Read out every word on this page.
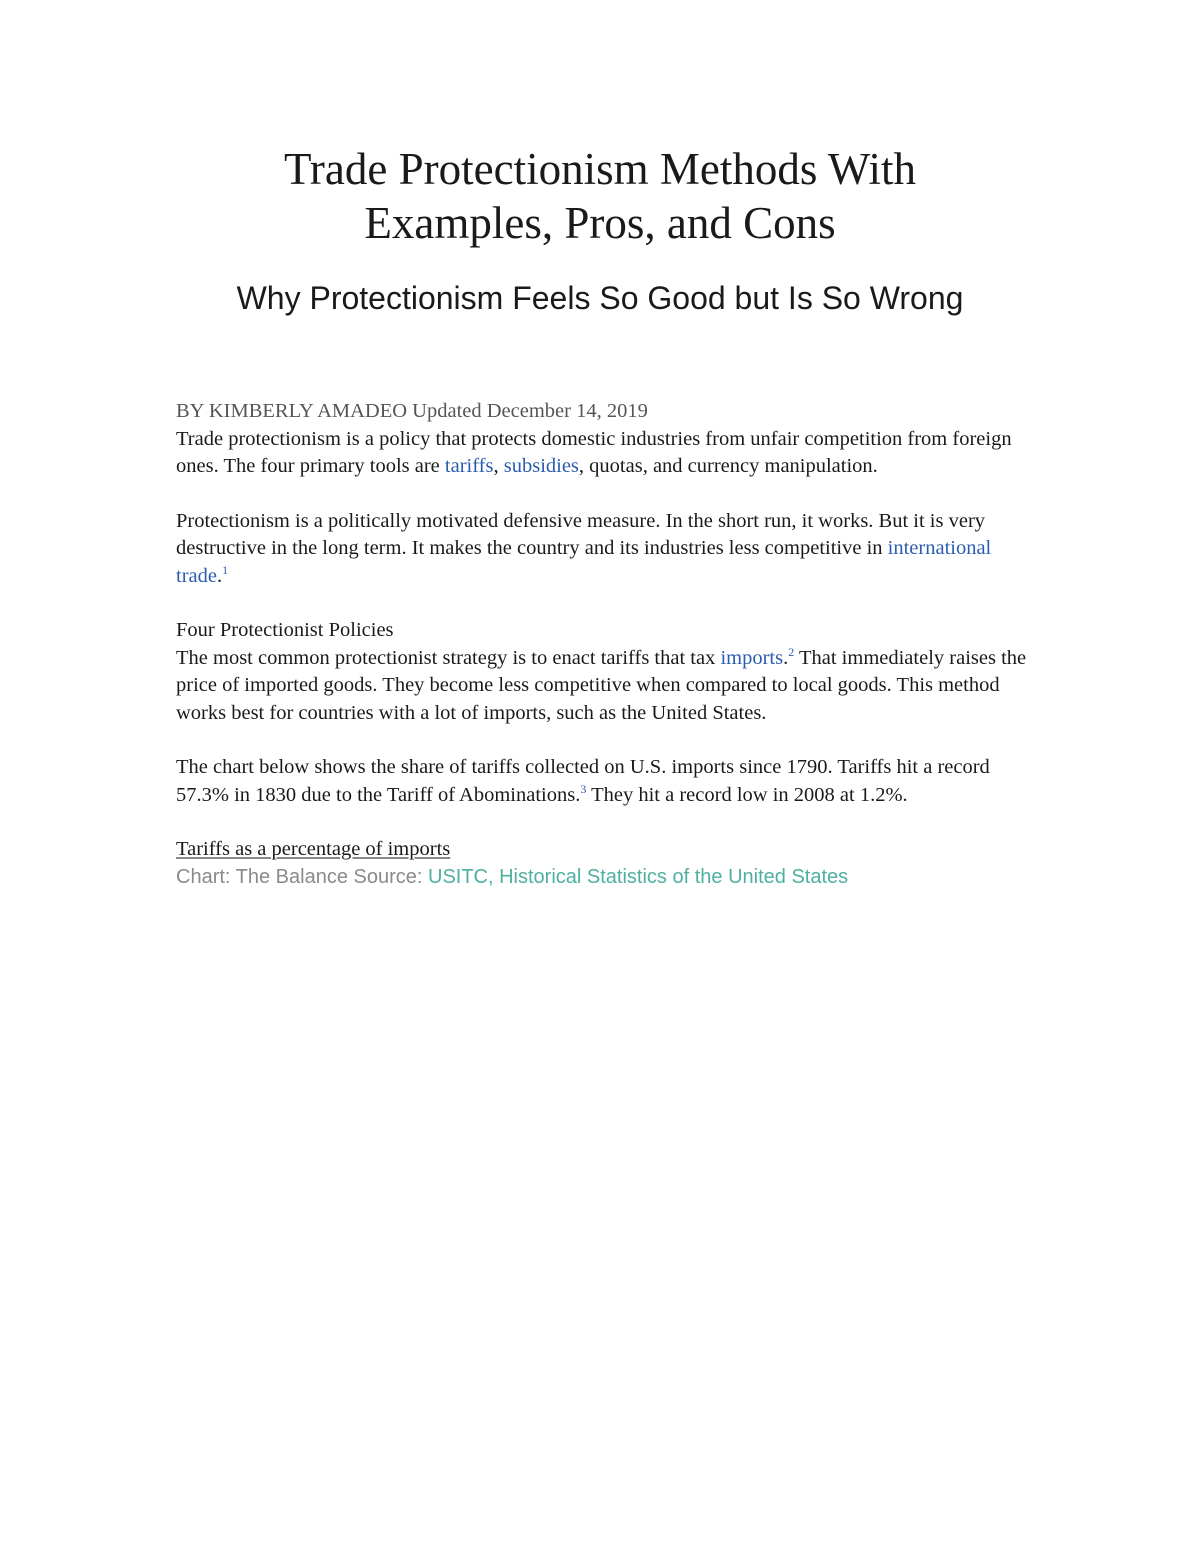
Trade Protectionism Methods With
Examples, Pros, and Cons
Why Protectionism Feels So Good but Is So Wrong

BY KIMBERLY AMADEO Updated December 14, 2019

Trade protectionism is a policy that protects domestic industries from unfair competition from foreign ones. The four primary tools are tariffs, subsidies, quotas, and currency manipulation.

Protectionism is a politically motivated defensive measure. In the short run, it works. But it is very destructive in the long term. It makes the country and its industries less competitive in international trade.$^1$

Four Protectionist Policies

The most common protectionist strategy is to enact tariffs that tax imports.$^2$ That immediately raises the price of imported goods. They become less competitive when compared to local goods. This method works best for countries with a lot of imports, such as the United States.

The chart below shows the share of tariffs collected on U.S. imports since 1790. Tariffs hit a record 57.3% in 1830 due to the Tariff of Abominations.$^3$ They hit a record low in 2008 at 1.2%.

Tariffs as a percentage of imports

Chart: The Balance Source: USITC, Historical Statistics of the United States
